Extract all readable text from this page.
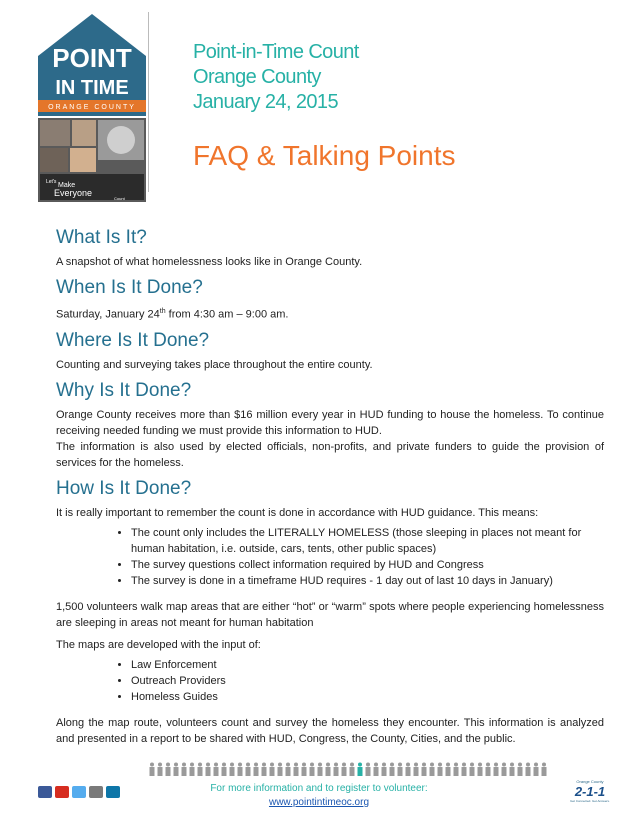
POINT
IN TIME
ORANGE COUNTY
Let's Make
Everyone
Count
Point-in-Time Count
Orange County
January 24, 2015
FAQ & Talking Points
What Is It?

A snapshot of what homelessness looks like in Orange County.

When Is It Done?

Saturday, January 24th from 4:30 am – 9:00 am.

Where Is It Done?

Counting and surveying takes place throughout the entire county.

Why Is It Done?

Orange County receives more than $16 million every year in HUD funding to house the homeless. To continue receiving needed funding we must provide this information to HUD.

The information is also used by elected officials, non-profits, and private funders to guide the provision of services for the homeless.

How Is It Done?

It is really important to remember the count is done in accordance with HUD guidance. This means:

• The count only includes the LITERALLY HOMELESS (those sleeping in places not meant for human habitation, i.e. outside, cars, tents, other public spaces)
• The survey questions collect information required by HUD and Congress
• The survey is done in a timeframe HUD requires - 1 day out of last 10 days in January)

1,500 volunteers walk map areas that are either “hot” or “warm” spots where people experiencing homelessness are sleeping in areas not meant for human habitation

The maps are developed with the input of:

• Law Enforcement
• Outreach Providers
• Homeless Guides

Along the map route, volunteers count and survey the homeless they encounter. This information is analyzed and presented in a report to be shared with HUD, Congress, the County, Cities, and the public.

For more information and to register to volunteer:
www.pointintimeoc.org
Orange County
2-1-1
Get Connected. Get Answers.
